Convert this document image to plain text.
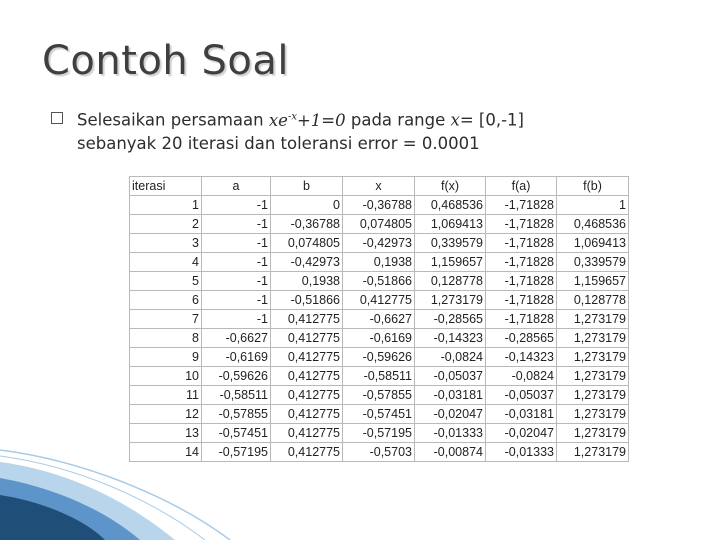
Contoh Soal
Selesaikan persamaan $xe^{-x}+1=0$ pada range x= [0,-1]
sebanyak 20 iterasi dan toleransi error = 0.0001
iterasi	a	b	x	f(x)	f(a)	f(b)
1	-1	0	-0,36788	0,468536	-1,71828	1
2	-1	-0,36788	0,074805	1,069413	-1,71828	0,468536
3	-1	0,074805	-0,42973	0,339579	-1,71828	1,069413
4	-1	-0,42973	0,1938	1,159657	-1,71828	0,339579
5	-1	0,1938	-0,51866	0,128778	-1,71828	1,159657
6	-1	-0,51866	0,412775	1,273179	-1,71828	0,128778
7	-1	0,412775	-0,6627	-0,28565	-1,71828	1,273179
8	-0,6627	0,412775	-0,6169	-0,14323	-0,28565	1,273179
9	-0,6169	0,412775	-0,59626	-0,0824	-0,14323	1,273179
10	-0,59626	0,412775	-0,58511	-0,05037	-0,0824	1,273179
11	-0,58511	0,412775	-0,57855	-0,03181	-0,05037	1,273179
12	-0,57855	0,412775	-0,57451	-0,02047	-0,03181	1,273179
13	-0,57451	0,412775	-0,57195	-0,01333	-0,02047	1,273179
14	-0,57195	0,412775	-0,5703	-0,00874	-0,01333	1,273179
